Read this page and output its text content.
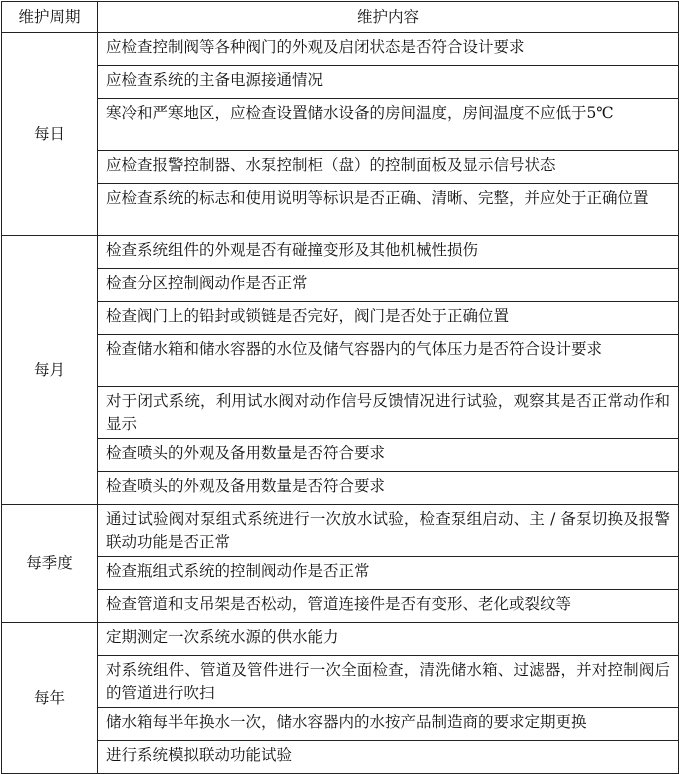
维护周期	维护内容
每日	应检查控制阀等各种阀门的外观及启闭状态是否符合设计要求

	应检查系统的主备电源接通情况

	寒冷和严寒地区，应检查设置储水设备的房间温度，房间温度不应低于5℃

	应检查报警控制器、水泵控制柜（盘）的控制面板及显示信号状态

	应检查系统的标志和使用说明等标识是否正确、清晰、完整，并应处于正确位置

每月	检查系统组件的外观是否有碰撞变形及其他机械性损伤

	检查分区控制阀动作是否正常

	检查阀门上的铅封或锁链是否完好，阀门是否处于正确位置

	检查储水箱和储水容器的水位及储气容器内的气体压力是否符合设计要求

	对于闭式系统，利用试水阀对动作信号反馈情况进行试验，观察其是否正常动作和显示

	检查喷头的外观及备用数量是否符合要求

	检查喷头的外观及备用数量是否符合要求

每季度	通过试验阀对泵组式系统进行一次放水试验，检查泵组启动、主 / 备泵切换及报警联动功能是否正常

	检查瓶组式系统的控制阀动作是否正常

	检查管道和支吊架是否松动，管道连接件是否有变形、老化或裂纹等

每年	定期测定一次系统水源的供水能力

	对系统组件、管道及管件进行一次全面检查，清洗储水箱、过滤器，并对控制阀后的管道进行吹扫

	储水箱每半年换水一次，储水容器内的水按产品制造商的要求定期更换

	进行系统模拟联动功能试验
